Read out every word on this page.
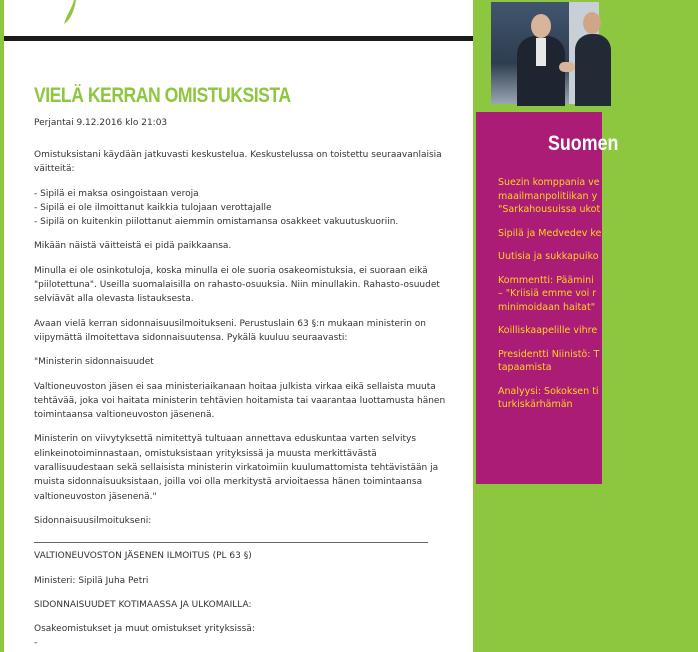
VIELÄ KERRAN OMISTUKSISTA
Perjantai 9.12.2016 klo 21:03

Omistuksistani käydään jatkuvasti keskustelua. Keskustelussa on toistettu seuraavanlaisia väitteitä:

- Sipilä ei maksa osingoistaan veroja

- Sipilä ei ole ilmoittanut kaikkia tulojaan verottajalle

- Sipilä on kuitenkin piilottanut aiemmin omistamansa osakkeet vakuutuskuoriin.

Mikään näistä väitteistä ei pidä paikkaansa.

Minulla ei ole osinkotuloja, koska minulla ei ole suoria osakeomistuksia, ei suoraan eikä "piilotettuna". Useilla suomalaisilla on rahasto-osuuksia. Niin minullakin. Rahasto-osuudet selviävät alla olevasta listauksesta.

Avaan vielä kerran sidonnaisuusilmoitukseni. Perustuslain 63 §:n mukaan ministerin on viipymättä ilmoitettava sidonnaisuutensa. Pykälä kuuluu seuraavasti:

"Ministerin sidonnaisuudet

Valtioneuvoston jäsen ei saa ministeriaikanaan hoitaa julkista virkaa eikä sellaista muuta tehtävää, joka voi haitata ministerin tehtävien hoitamista tai vaarantaa luottamusta hänen toimintaansa valtioneuvoston jäsenenä.

Ministerin on viivytyksettä nimitettyä tultuaan annettava eduskuntaa varten selvitys elinkeinotoiminnastaan, omistuksistaan yrityksissä ja muusta merkittävästä varallisuudestaan sekä sellaisista ministerin virkatoimiin kuulumattomista tehtävistään ja muista sidonnaisuuksistaan, joilla voi olla merkitystä arvioitaessa hänen toimintaansa valtioneuvoston jäsenenä."

Sidonnaisuusilmoitukseni:

VALTIONEUVOSTON JÄSENEN ILMOITUS (PL 63 §)

Ministeri: Sipilä Juha Petri

SIDONNAISUUDET KOTIMAASSA JA ULKOMAILLA:

Osakeomistukset ja muut omistukset yrityksissä:

-

Suomen
Suezin komppania ve
maailmanpolitiikan y
"Sarkahousuissa ukot
Sipilä ja Medvedev ke
Uutisia ja sukkapuiko
Kommentti: Päämini
– "Kriisiä emme voi r
minimoidaan haitat"
Koilliskaapelille vihre
Presidentti Niinistö: T
tapaamista
Analyysi: Sokoksen ti
turkiskärhämän
